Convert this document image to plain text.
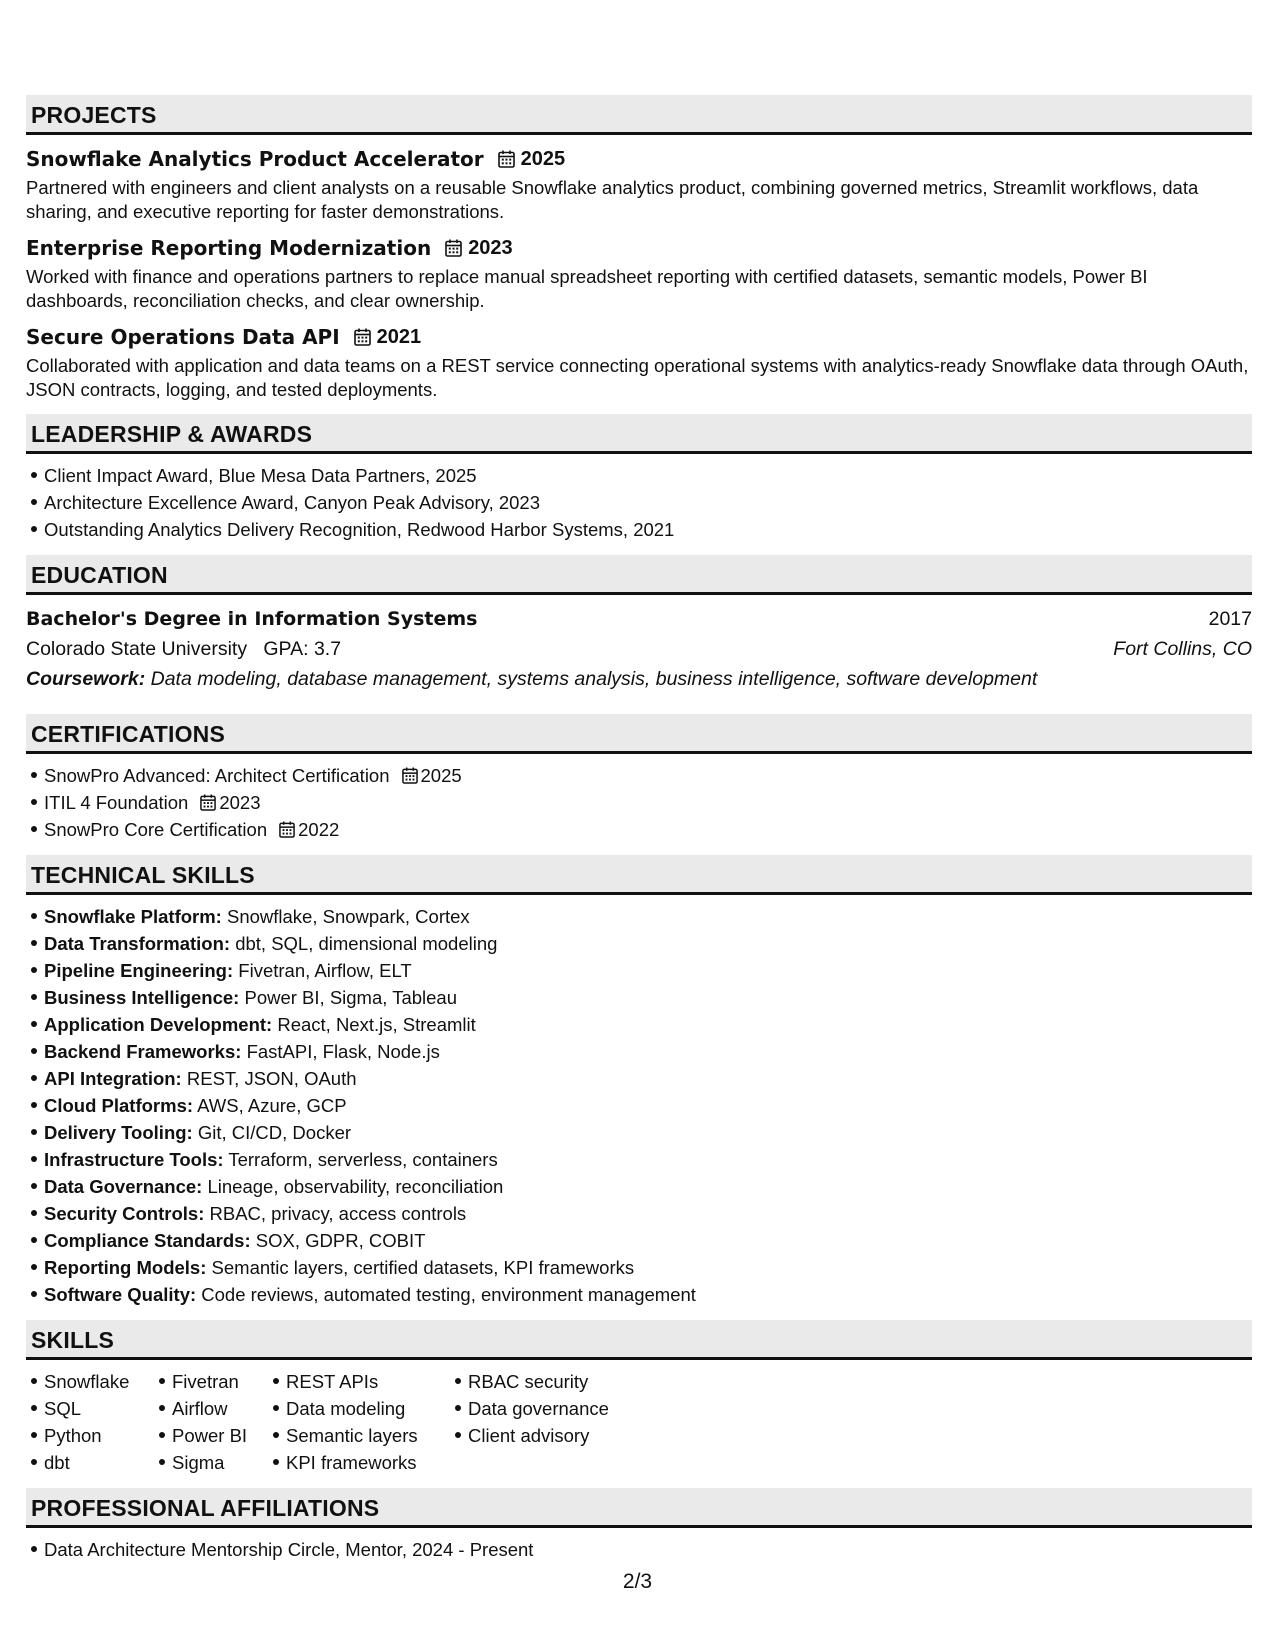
PROJECTS
Snowflake Analytics Product Accelerator 2025
Partnered with engineers and client analysts on a reusable Snowflake analytics product, combining governed metrics, Streamlit workflows, data sharing, and executive reporting for faster demonstrations.
Enterprise Reporting Modernization 2023
Worked with finance and operations partners to replace manual spreadsheet reporting with certified datasets, semantic models, Power BI dashboards, reconciliation checks, and clear ownership.
Secure Operations Data API 2021
Collaborated with application and data teams on a REST service connecting operational systems with analytics-ready Snowflake data through OAuth, JSON contracts, logging, and tested deployments.
LEADERSHIP & AWARDS
Client Impact Award, Blue Mesa Data Partners, 2025
Architecture Excellence Award, Canyon Peak Advisory, 2023
Outstanding Analytics Delivery Recognition, Redwood Harbor Systems, 2021
EDUCATION
Bachelor's Degree in Information Systems	2017
Colorado State University GPA: 3.7	Fort Collins, CO
Coursework: Data modeling, database management, systems analysis, business intelligence, software development
CERTIFICATIONS
SnowPro Advanced: Architect Certification 2025
ITIL 4 Foundation 2023
SnowPro Core Certification 2022
TECHNICAL SKILLS
Snowflake Platform: Snowflake, Snowpark, Cortex
Data Transformation: dbt, SQL, dimensional modeling
Pipeline Engineering: Fivetran, Airflow, ELT
Business Intelligence: Power BI, Sigma, Tableau
Application Development: React, Next.js, Streamlit
Backend Frameworks: FastAPI, Flask, Node.js
API Integration: REST, JSON, OAuth
Cloud Platforms: AWS, Azure, GCP
Delivery Tooling: Git, CI/CD, Docker
Infrastructure Tools: Terraform, serverless, containers
Data Governance: Lineage, observability, reconciliation
Security Controls: RBAC, privacy, access controls
Compliance Standards: SOX, GDPR, COBIT
Reporting Models: Semantic layers, certified datasets, KPI frameworks
Software Quality: Code reviews, automated testing, environment management
SKILLS
Snowflake
SQL
Python
dbt
Fivetran
Airflow
Power BI
Sigma
REST APIs
Data modeling
Semantic layers
KPI frameworks
RBAC security
Data governance
Client advisory
PROFESSIONAL AFFILIATIONS
Data Architecture Mentorship Circle, Mentor, 2024 - Present
2/3
